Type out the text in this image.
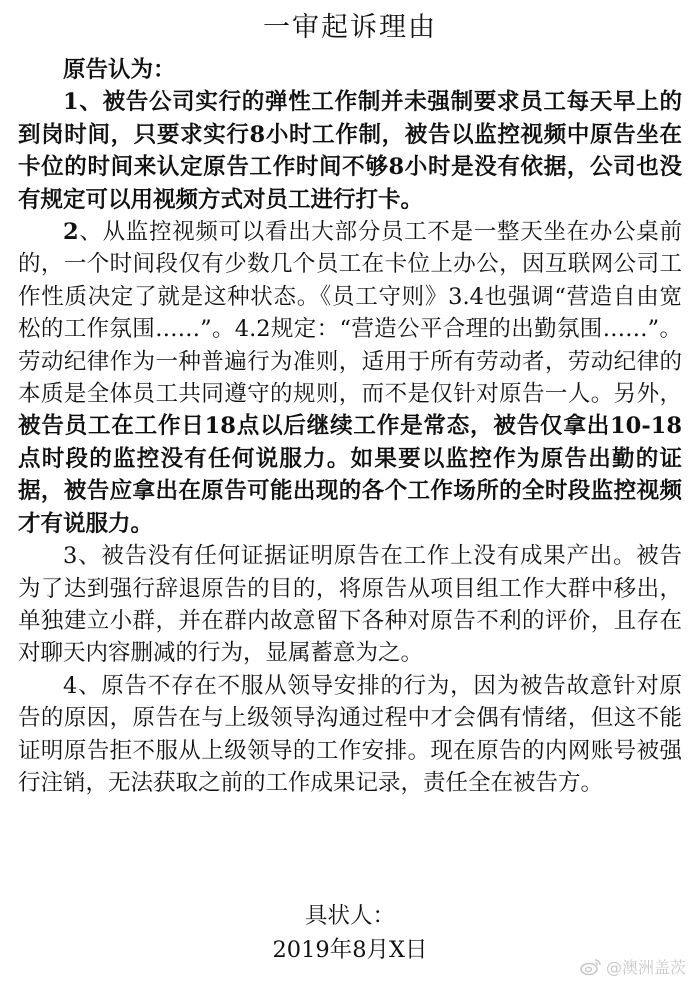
一审起诉理由

原告认为：

1、被告公司实行的弹性工作制并未强制要求员工每天早上的到岗时间，只要求实行8小时工作制，被告以监控视频中原告坐在卡位的时间来认定原告工作时间不够8小时是没有依据，公司也没有规定可以用视频方式对员工进行打卡。

2、从监控视频可以看出大部分员工不是一整天坐在办公桌前的，一个时间段仅有少数几个员工在卡位上办公，因互联网公司工作性质决定了就是这种状态。《员工守则》3.4也强调“营造自由宽松的工作氛围……”。4.2规定：“营造公平合理的出勤氛围……”。劳动纪律作为一种普遍行为准则，适用于所有劳动者，劳动纪律的本质是全体员工共同遵守的规则，而不是仅针对原告一人。另外，被告员工在工作日18点以后继续工作是常态，被告仅拿出10-18点时段的监控没有任何说服力。如果要以监控作为原告出勤的证据，被告应拿出在原告可能出现的各个工作场所的全时段监控视频才有说服力。

3、被告没有任何证据证明原告在工作上没有成果产出。被告为了达到强行辞退原告的目的，将原告从项目组工作大群中移出，单独建立小群，并在群内故意留下各种对原告不利的评价，且存在对聊天内容删减的行为，显属蓄意为之。

4、原告不存在不服从领导安排的行为，因为被告故意针对原告的原因，原告在与上级领导沟通过程中才会偶有情绪，但这不能证明原告拒不服从上级领导的工作安排。现在原告的内网账号被强行注销，无法获取之前的工作成果记录，责任全在被告方。

具状人：
2019年8月X日
@澳洲盖茨
